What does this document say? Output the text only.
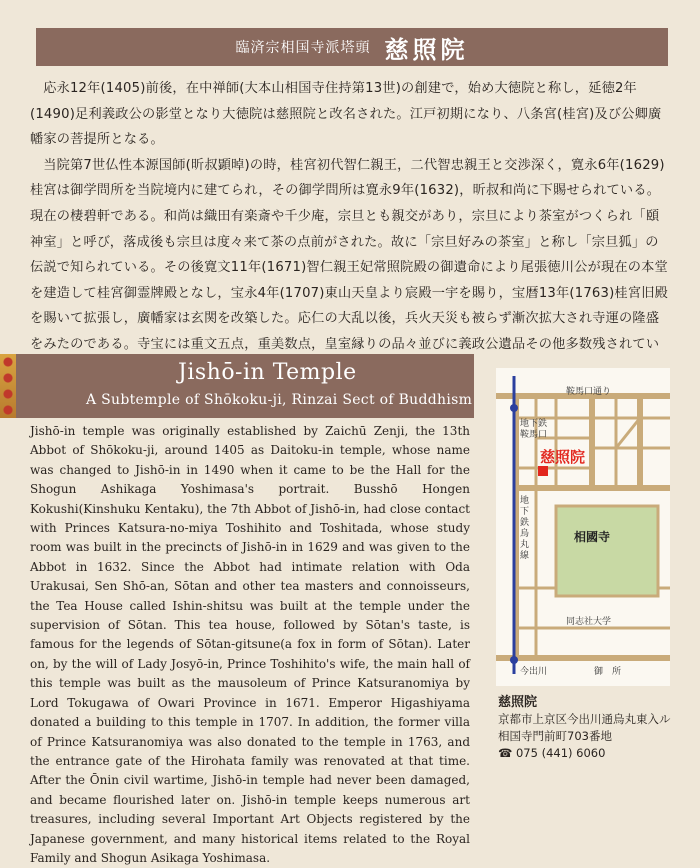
臨済宗相国寺派塔頭 慈照院

応永12年(1405)前後，在中禅師(大本山相国寺住持第13世)の創建で，始め大徳院と称し，延徳2年(1490)足利義政公の影堂となり大徳院は慈照院と改名された。江戸初期になり、八条宮(桂宮)及び公卿廣幡家の菩提所となる。

当院第7世仏性本源国師(昕叔顕晫)の時，桂宮初代智仁親王，二代智忠親王と交渉深く，寛永6年(1629)桂宮は御学問所を当院境内に建てられ，その御学問所は寛永9年(1632)，昕叔和尚に下賜せられている。現在の棲碧軒である。和尚は織田有楽斎や千少庵，宗旦とも親交があり，宗旦により茶室がつくられ「頤神室」と呼び，落成後も宗旦は度々来て茶の点前がされた。故に「宗旦好みの茶室」と称し「宗旦狐」の伝説で知られている。その後寛文11年(1671)智仁親王妃常照院殿の御遺命により尾張徳川公が現在の本堂を建造して桂宮御霊牌殿となし，宝永4年(1707)東山天皇より宸殿一宇を賜り，宝暦13年(1763)桂宮旧殿を賜いて拡張し，廣幡家は玄関を改築した。応仁の大乱以後，兵火天災も被らず漸次拡大され寺運の隆盛をみたのである。寺宝には重文五点，重美数点，皇室縁りの品々並びに義政公遺品その他多数残されてい

Jishō-in Temple
A Subtemple of Shōkoku-ji, Rinzai Sect of Buddhism
Jishō-in temple was originally established by Zaichū Zenji, the 13th Abbot of Shōkoku-ji, around 1405 as Daitoku-in temple, whose name was changed to Jishō-in in 1490 when it came to be the Hall for the Shogun Ashikaga Yoshimasa's portrait. Busshō Hongen Kokushi(Kinshuku Kentaku), the 7th Abbot of Jishō-in, had close contact with Princes Katsura-no-miya Toshihito and Toshitada, whose study room was built in the precincts of Jishō-in in 1629 and was given to the Abbot in 1632. Since the Abbot had intimate relation with Oda Urakusai, Sen Shō-an, Sōtan and other tea masters and connoisseurs, the Tea House called Ishin-shitsu was built at the temple under the supervision of Sōtan. This tea house, followed by Sōtan's taste, is famous for the legends of Sōtan-gitsune(a fox in form of Sōtan). Later on, by the will of Lady Josyō-in, Prince Toshihito's wife, the main hall of this temple was built as the mausoleum of Prince Katsuranomiya by Lord Tokugawa of Owari Province in 1671. Emperor Higashiyama donated a building to this temple in 1707. In addition, the former villa of Prince Katsuranomiya was also donated to the temple in 1763, and the entrance gate of the Hirohata family was renovated at that time. After the Ōnin civil wartime, Jishō-in temple had never been damaged, and became flourished later on. Jishō-in temple keeps numerous art treasures, including several Important Art Objects registered by the Japanese government, and many historical items related to the Royal Family and Shogun Asikaga Yoshimasa.
鞍馬口通り
地下鉄
鞍馬口
地下鉄烏丸線
慈照院
相國寺
同志社大学
今出川	御　所
慈照院
京都市上京区今出川通烏丸東入ル
相国寺門前町703番地
☎ 075 (441) 6060
